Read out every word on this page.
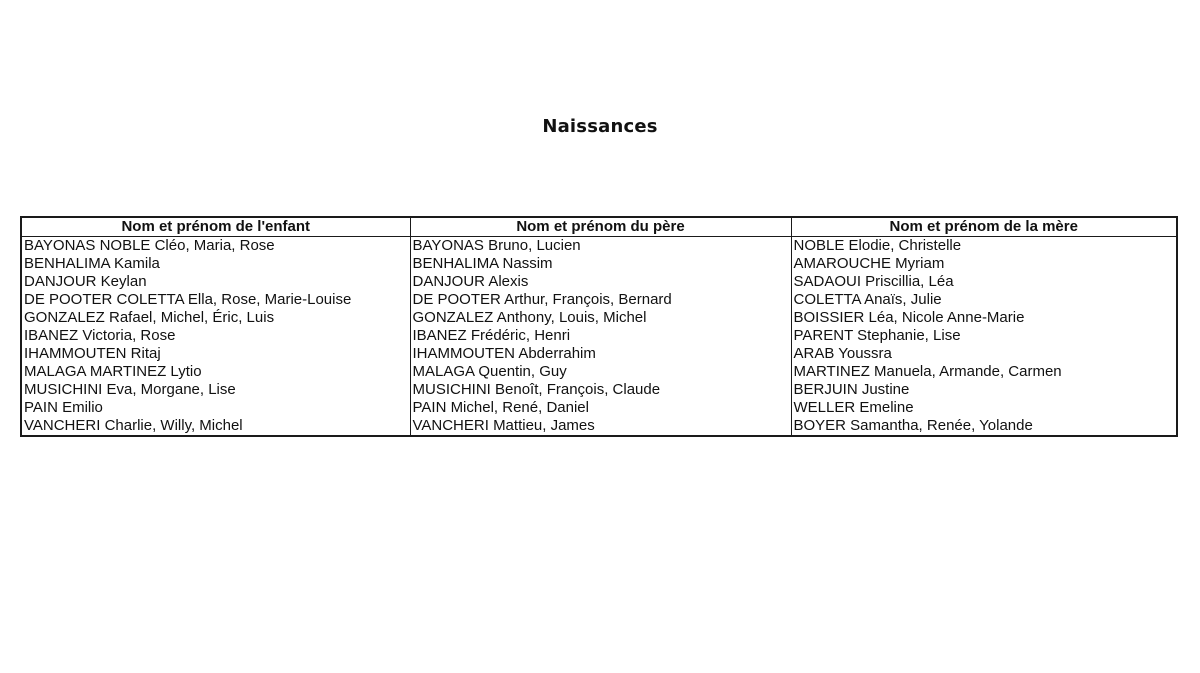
Naissances
Nom et prénom de l'enfant	Nom et prénom du père	Nom et prénom de la mère
BAYONAS NOBLE Cléo, Maria, Rose	BAYONAS Bruno, Lucien	NOBLE Elodie, Christelle
BENHALIMA Kamila	BENHALIMA Nassim	AMAROUCHE Myriam
DANJOUR Keylan	DANJOUR Alexis	SADAOUI Priscillia, Léa
DE POOTER COLETTA Ella, Rose, Marie-Louise	DE POOTER Arthur, François, Bernard	COLETTA Anaïs, Julie
GONZALEZ Rafael, Michel, Éric, Luis	GONZALEZ Anthony, Louis, Michel	BOISSIER Léa, Nicole Anne-Marie
IBANEZ Victoria, Rose	IBANEZ Frédéric, Henri	PARENT Stephanie, Lise
IHAMMOUTEN Ritaj	IHAMMOUTEN Abderrahim	ARAB Youssra
MALAGA MARTINEZ Lytio	MALAGA Quentin, Guy	MARTINEZ Manuela, Armande, Carmen
MUSICHINI Eva, Morgane, Lise	MUSICHINI Benoît, François, Claude	BERJUIN Justine
PAIN Emilio	PAIN Michel, René, Daniel	WELLER Emeline
VANCHERI Charlie, Willy, Michel	VANCHERI Mattieu, James	BOYER Samantha, Renée, Yolande
